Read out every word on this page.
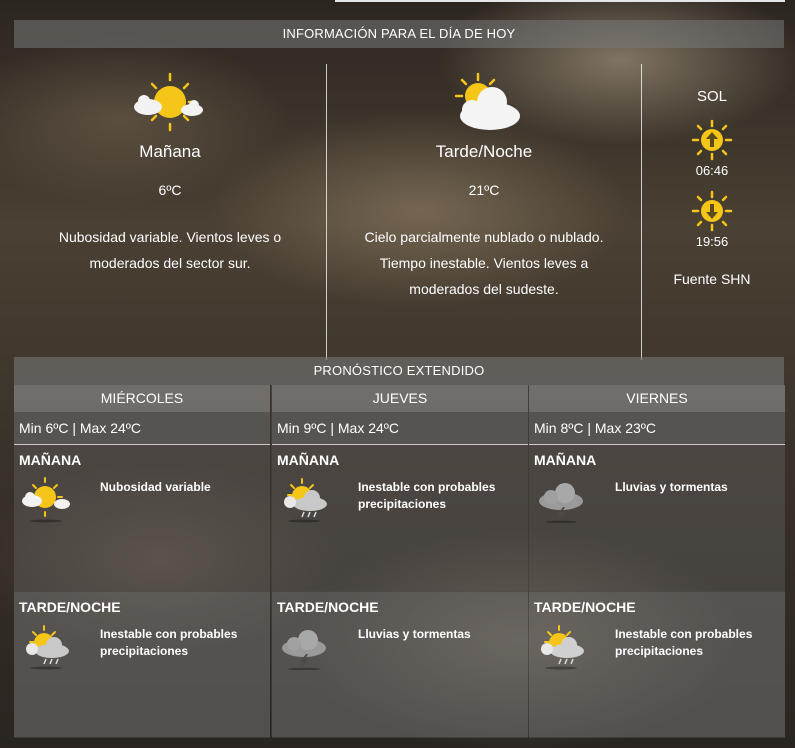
INFORMACIÓN PARA EL DÍA DE HOY
Mañana
6ºC
Nubosidad variable. Vientos leves o moderados del sector sur.
Tarde/Noche
21ºC
Cielo parcialmente nublado o nublado. Tiempo inestable. Vientos leves a moderados del sudeste.
SOL
06:46
19:56
Fuente SHN
PRONÓSTICO EXTENDIDO
MIÉRCOLES
Min 6ºC | Max 24ºC
MAÑANA
Nubosidad variable
TARDE/NOCHE
Inestable con probables precipitaciones
JUEVES
Min 9ºC | Max 24ºC
MAÑANA
Inestable con probables precipitaciones
TARDE/NOCHE
Lluvias y tormentas
VIERNES
Min 8ºC | Max 23ºC
MAÑANA
Lluvias y tormentas
TARDE/NOCHE
Inestable con probables precipitaciones
